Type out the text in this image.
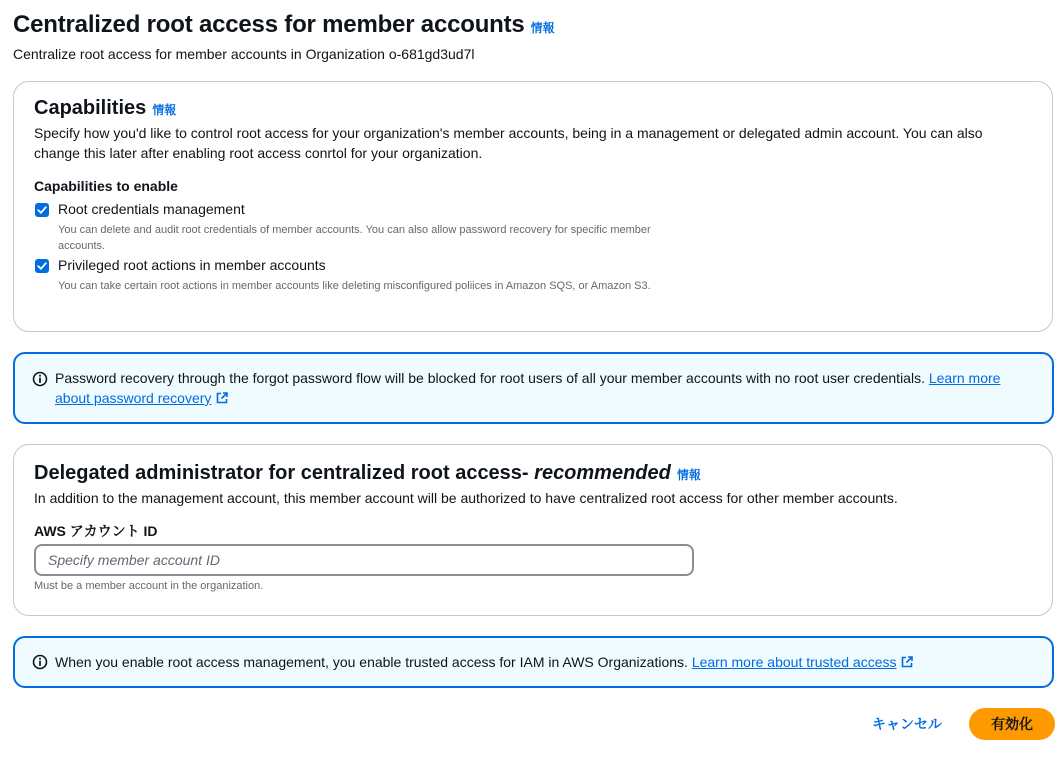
Centralized root access for member accounts 情報
Centralize root access for member accounts in Organization o-681gd3ud7l
Capabilities 情報
Specify how you'd like to control root access for your organization's member accounts, being in a management or delegated admin account. You can also change this later after enabling root access conrtol for your organization.
Capabilities to enable
Root credentials management
You can delete and audit root credentials of member accounts. You can also allow password recovery for specific member accounts.
Privileged root actions in member accounts
You can take certain root actions in member accounts like deleting misconfigured poliices in Amazon SQS, or Amazon S3.
Password recovery through the forgot password flow will be blocked for root users of all your member accounts with no root user credentials. Learn more about password recovery
Delegated administrator for centralized root access- recommended 情報
In addition to the management account, this member account will be authorized to have centralized root access for other member accounts.
AWS アカウント ID
Specify member account ID
Must be a member account in the organization.
When you enable root access management, you enable trusted access for IAM in AWS Organizations. Learn more about trusted access
キャンセル	有効化
